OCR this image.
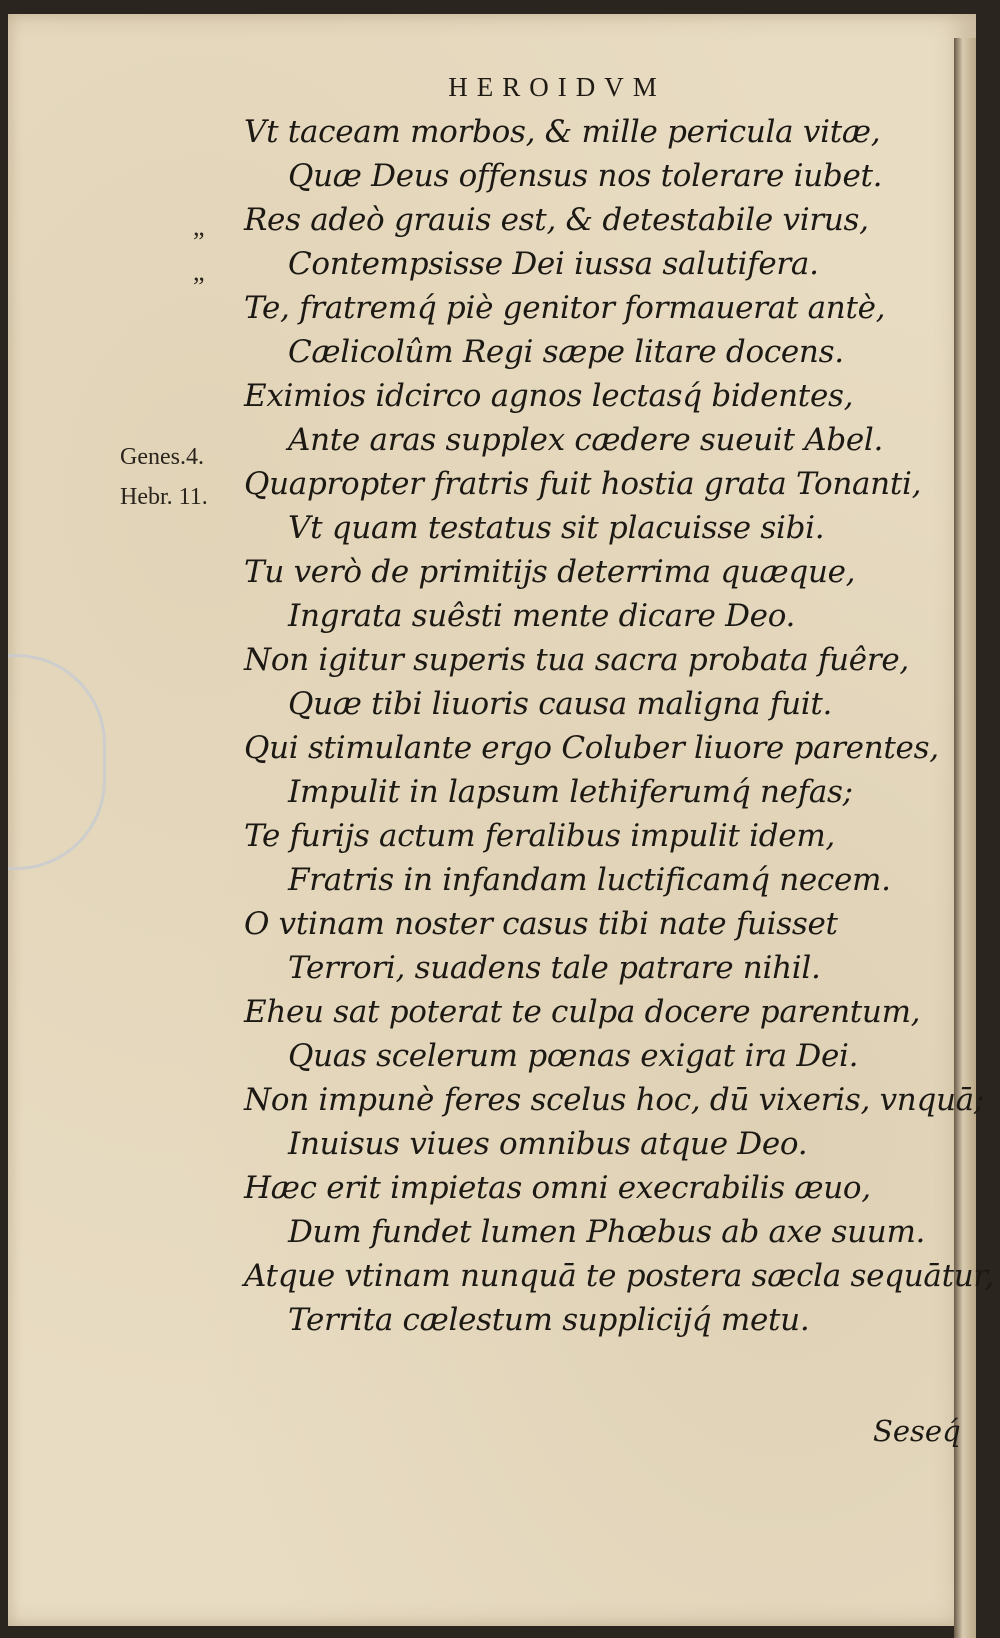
HEROIDVM
„
„
Genes.4.
Hebr. 11.
Vt taceam morbos, & mille pericula vitæ,
Quæ Deus offensus nos tolerare iubet.
Res adeò grauis est, & detestabile virus,
Contempsisse Dei iussa salutifera.
Te, fratremq́ piè genitor formauerat antè,
Cælicolûm Regi sæpe litare docens.
Eximios idcirco agnos lectasq́ bidentes,
Ante aras supplex cædere sueuit Abel.
Quapropter fratris fuit hostia grata Tonanti,
Vt quam testatus sit placuisse sibi.
Tu verò de primitijs deterrima quæque,
Ingrata suêsti mente dicare Deo.
Non igitur superis tua sacra probata fuêre,
Quæ tibi liuoris causa maligna fuit.
Qui stimulante ergo Coluber liuore parentes,
Impulit in lapsum lethiferumq́ nefas;
Te furijs actum feralibus impulit idem,
Fratris in infandam luctificamq́ necem.
O vtinam noster casus tibi nate fuisset
Terrori, suadens tale patrare nihil.
Eheu sat poterat te culpa docere parentum,
Quas scelerum pœnas exigat ira Dei.
Non impunè feres scelus hoc, dū vixeris, vnquā;
Inuisus viues omnibus atque Deo.
Hæc erit impietas omni execrabilis æuo,
Dum fundet lumen Phœbus ab axe suum.
Atque vtinam nunquā te postera sæcla sequātur,
Territa cælestum supplicijq́ metu.
Seseq́
